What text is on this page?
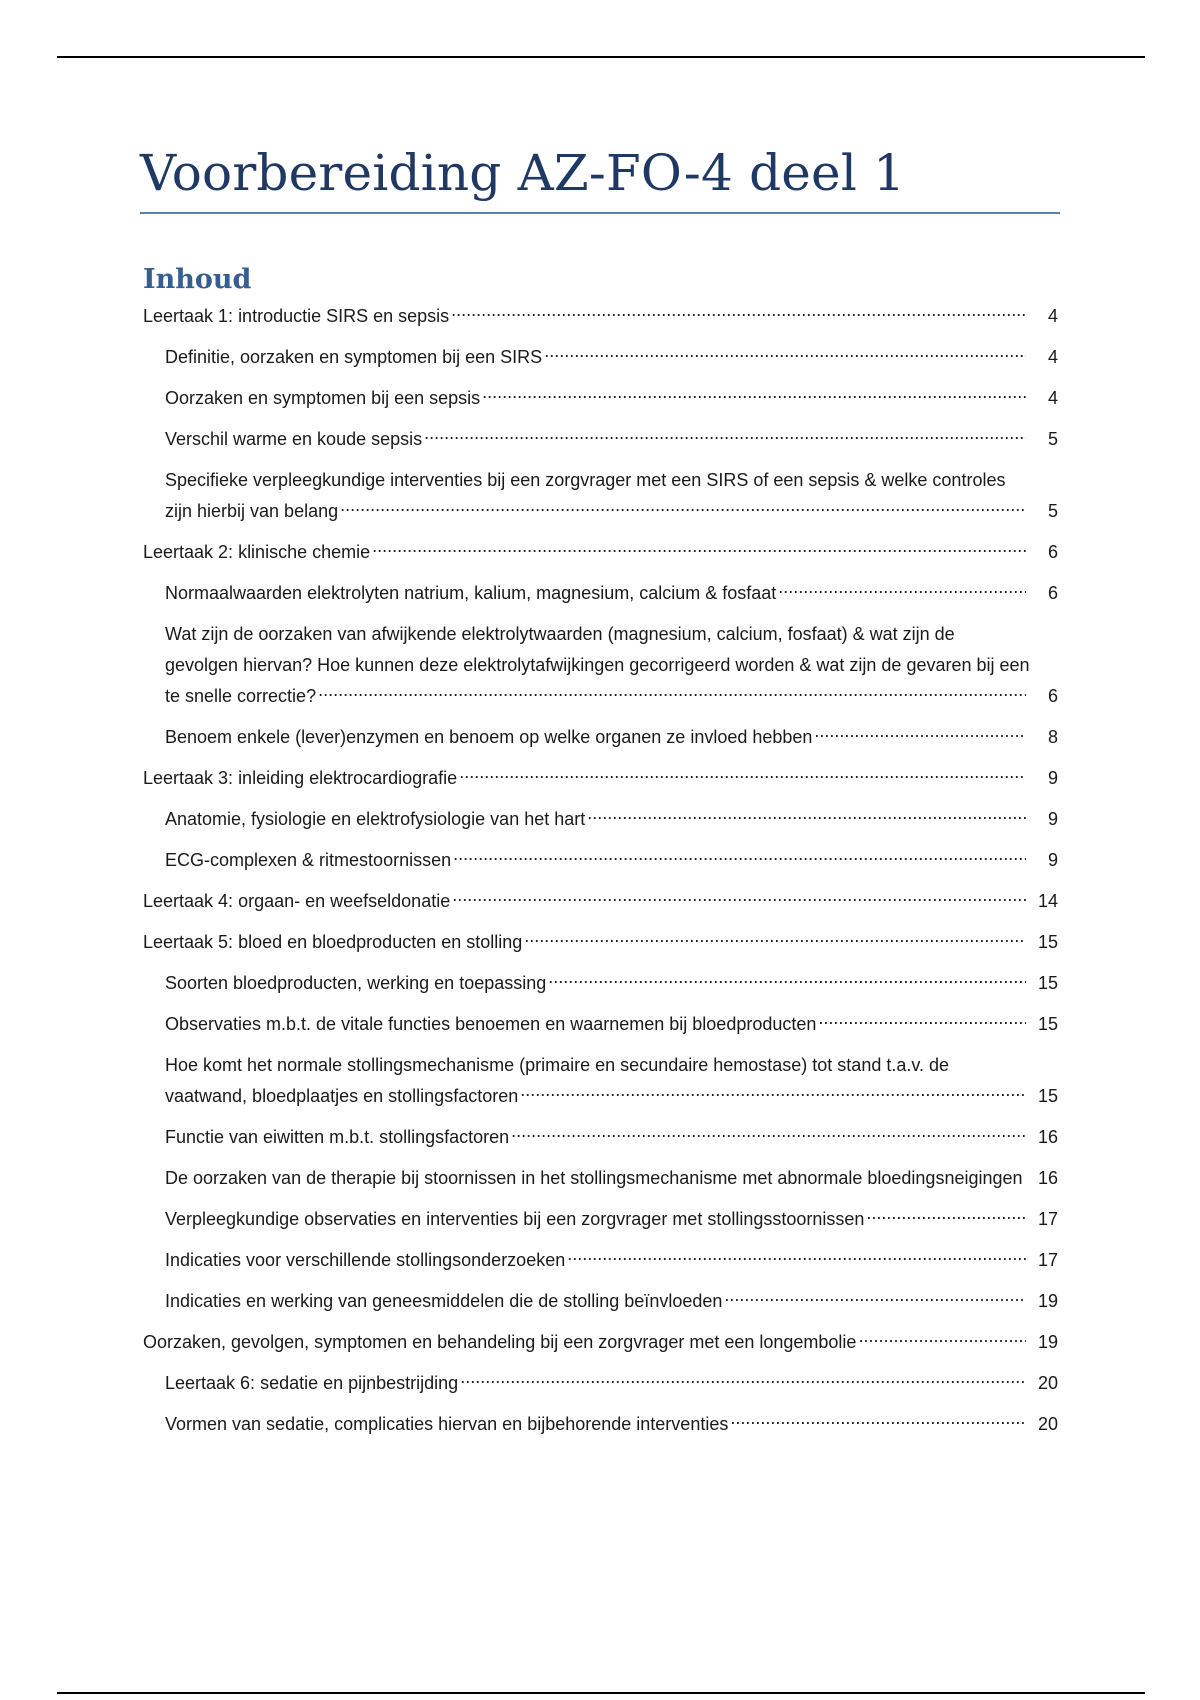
Voorbereiding AZ-FO-4 deel 1
Inhoud
Leertaak 1: introductie SIRS en sepsis .....	4
Definitie, oorzaken en symptomen bij een SIRS .....	4
Oorzaken en symptomen bij een sepsis .....	4
Verschil warme en koude sepsis .....	5
Specifieke verpleegkundige interventies bij een zorgvrager met een SIRS of een sepsis & welke controles zijn hierbij van belang .....	5
Leertaak 2: klinische chemie .....	6
Normaalwaarden elektrolyten natrium, kalium, magnesium, calcium & fosfaat .....	6
Wat zijn de oorzaken van afwijkende elektrolytwaarden (magnesium, calcium, fosfaat) & wat zijn de gevolgen hiervan? Hoe kunnen deze elektrolytafwijkingen gecorrigeerd worden & wat zijn de gevaren bij een te snelle correctie? .....	6
Benoem enkele (lever)enzymen en benoem op welke organen ze invloed hebben .....	8
Leertaak 3: inleiding elektrocardiografie .....	9
Anatomie, fysiologie en elektrofysiologie van het hart .....	9
ECG-complexen & ritmestoornissen .....	9
Leertaak 4: orgaan- en weefseldonatie .....	14
Leertaak 5: bloed en bloedproducten en stolling .....	15
Soorten bloedproducten, werking en toepassing .....	15
Observaties m.b.t. de vitale functies benoemen en waarnemen bij bloedproducten .....	15
Hoe komt het normale stollingsmechanisme (primaire en secundaire hemostase) tot stand t.a.v. de vaatwand, bloedplaatjes en stollingsfactoren .....	15
Functie van eiwitten m.b.t. stollingsfactoren .....	16
De oorzaken van de therapie bij stoornissen in het stollingsmechanisme met abnormale bloedingsneigingen ..... 16
Verpleegkundige observaties en interventies bij een zorgvrager met stollingsstoornissen .....	17
Indicaties voor verschillende stollingsonderzoeken .....	17
Indicaties en werking van geneesmiddelen die de stolling beïnvloeden .....	19
Oorzaken, gevolgen, symptomen en behandeling bij een zorgvrager met een longembolie .....	19
Leertaak 6: sedatie en pijnbestrijding .....	20
Vormen van sedatie, complicaties hiervan en bijbehorende interventies .....	20
